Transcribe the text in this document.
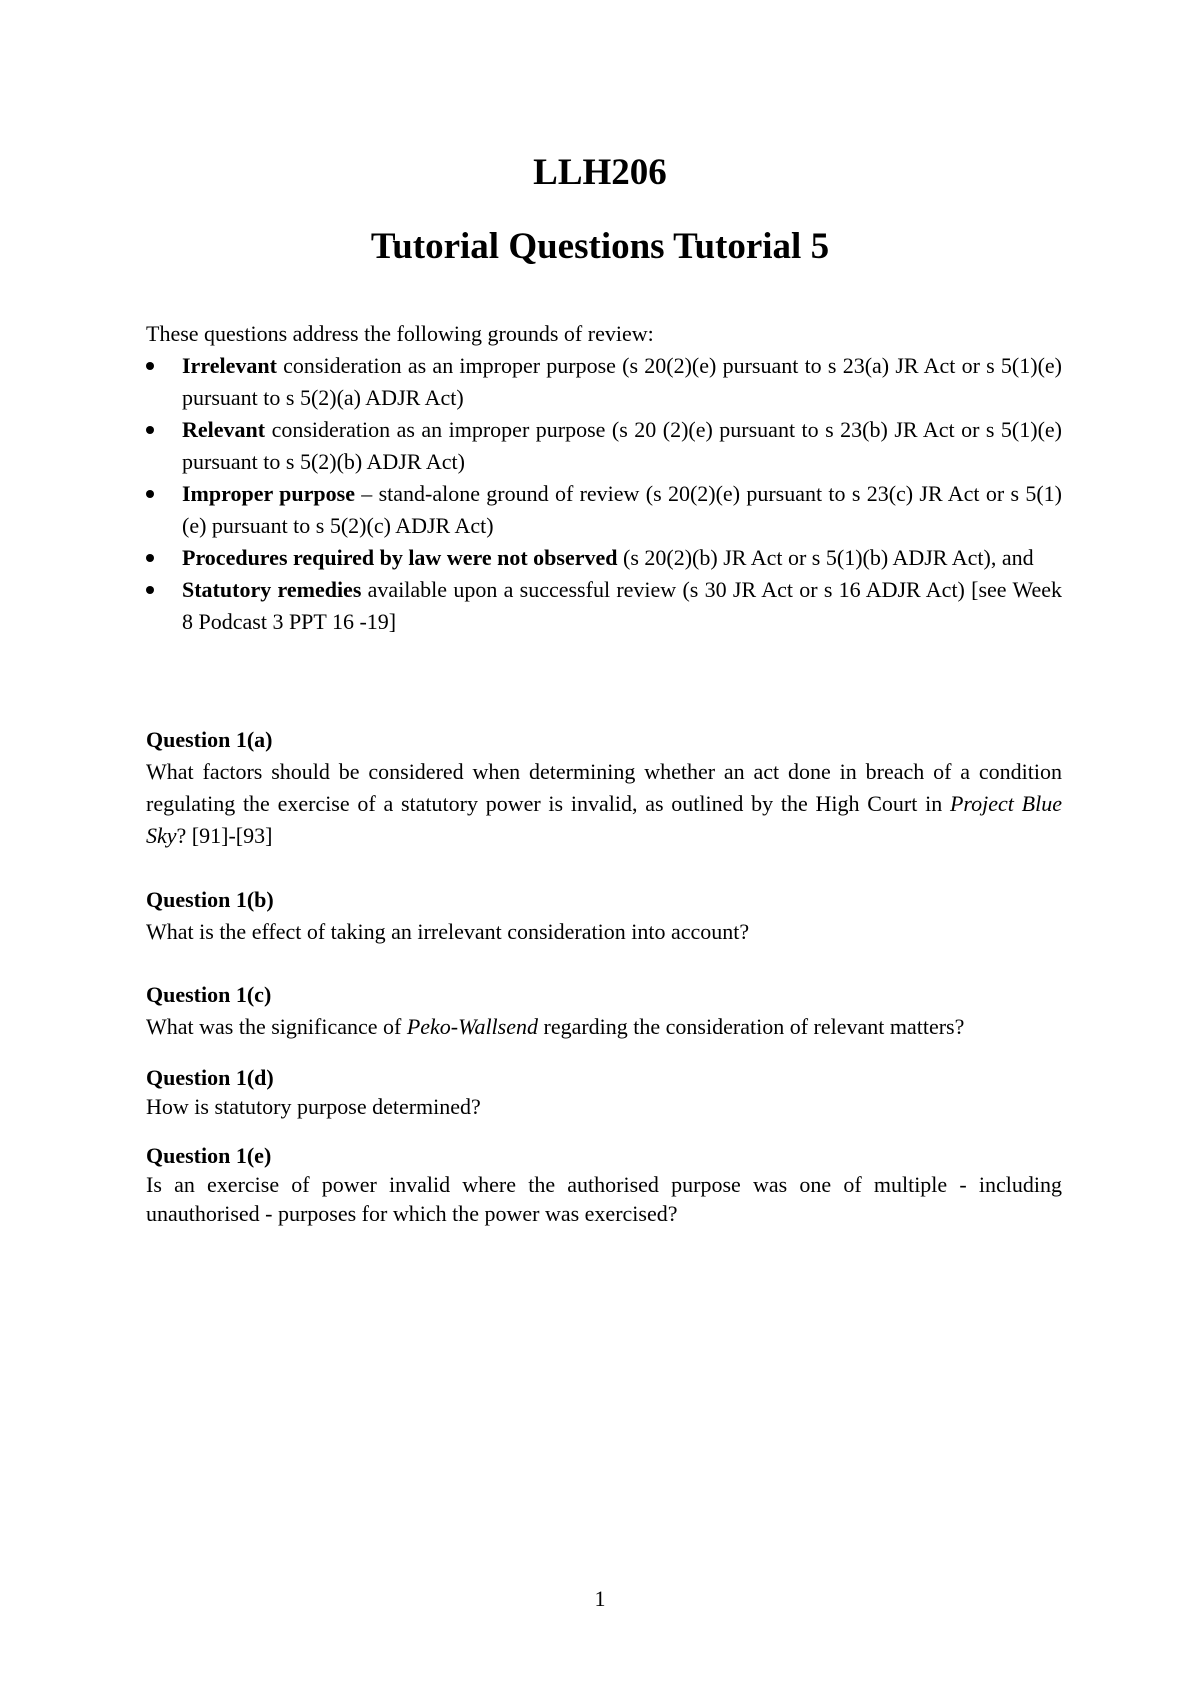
LLH206
Tutorial Questions Tutorial 5

These questions address the following grounds of review:

Irrelevant consideration as an improper purpose (s 20(2)(e) pursuant to s 23(a) JR Act or s 5(1)(e) pursuant to s 5(2)(a) ADJR Act)
Relevant consideration as an improper purpose (s 20 (2)(e) pursuant to s 23(b) JR Act or s 5(1)(e) pursuant to s 5(2)(b) ADJR Act)
Improper purpose – stand-alone ground of review (s 20(2)(e) pursuant to s 23(c) JR Act or s 5(1)(e) pursuant to s 5(2)(c) ADJR Act)
Procedures required by law were not observed (s 20(2)(b) JR Act or s 5(1)(b) ADJR Act), and
Statutory remedies available upon a successful review (s 30 JR Act or s 16 ADJR Act) [see Week 8 Podcast 3 PPT 16 -19]
Question 1(a)
What factors should be considered when determining whether an act done in breach of a condition regulating the exercise of a statutory power is invalid, as outlined by the High Court in Project Blue Sky? [91]-[93]
Question 1(b)
What is the effect of taking an irrelevant consideration into account?
Question 1(c)
What was the significance of Peko-Wallsend regarding the consideration of relevant matters?
Question 1(d)
How is statutory purpose determined?
Question 1(e)
Is an exercise of power invalid where the authorised purpose was one of multiple - including unauthorised - purposes for which the power was exercised?
1
